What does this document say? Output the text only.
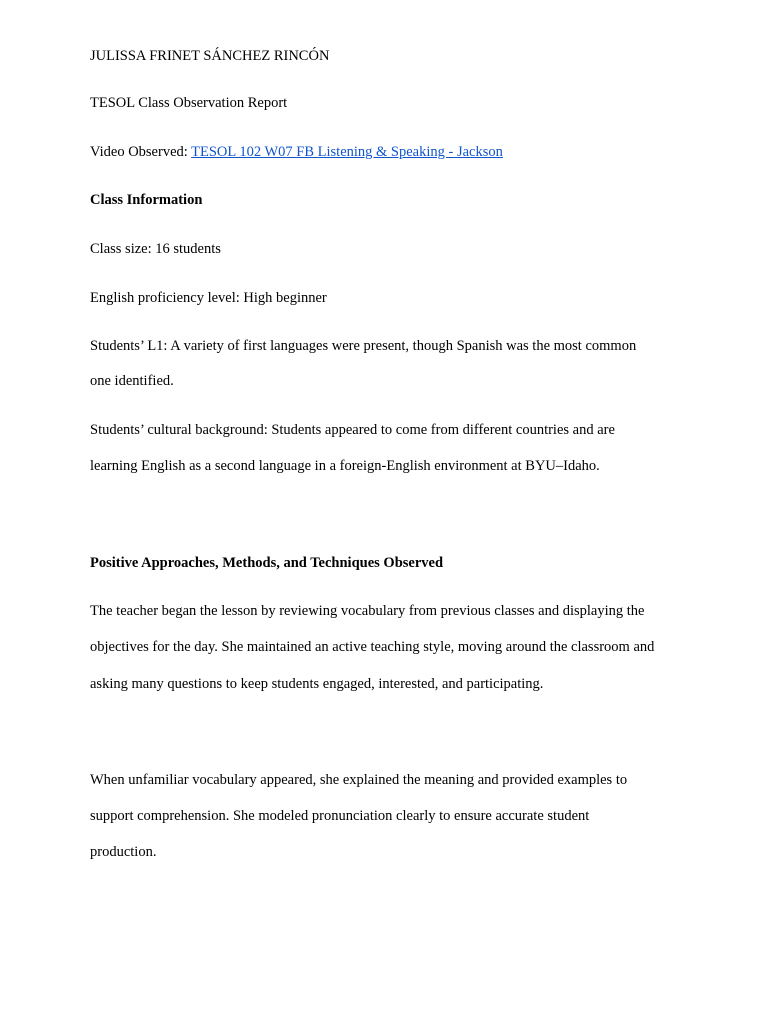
JULISSA FRINET SÁNCHEZ RINCÓN
TESOL Class Observation Report
Video Observed: TESOL 102 W07 FB Listening & Speaking - Jackson
Class Information
Class size: 16 students
English proficiency level: High beginner
Students’ L1: A variety of first languages were present, though Spanish was the most common
one identified.
Students’ cultural background: Students appeared to come from different countries and are
learning English as a second language in a foreign-English environment at BYU–Idaho.
Positive Approaches, Methods, and Techniques Observed
The teacher began the lesson by reviewing vocabulary from previous classes and displaying the
objectives for the day. She maintained an active teaching style, moving around the classroom and
asking many questions to keep students engaged, interested, and participating.
When unfamiliar vocabulary appeared, she explained the meaning and provided examples to
support comprehension. She modeled pronunciation clearly to ensure accurate student
production.
